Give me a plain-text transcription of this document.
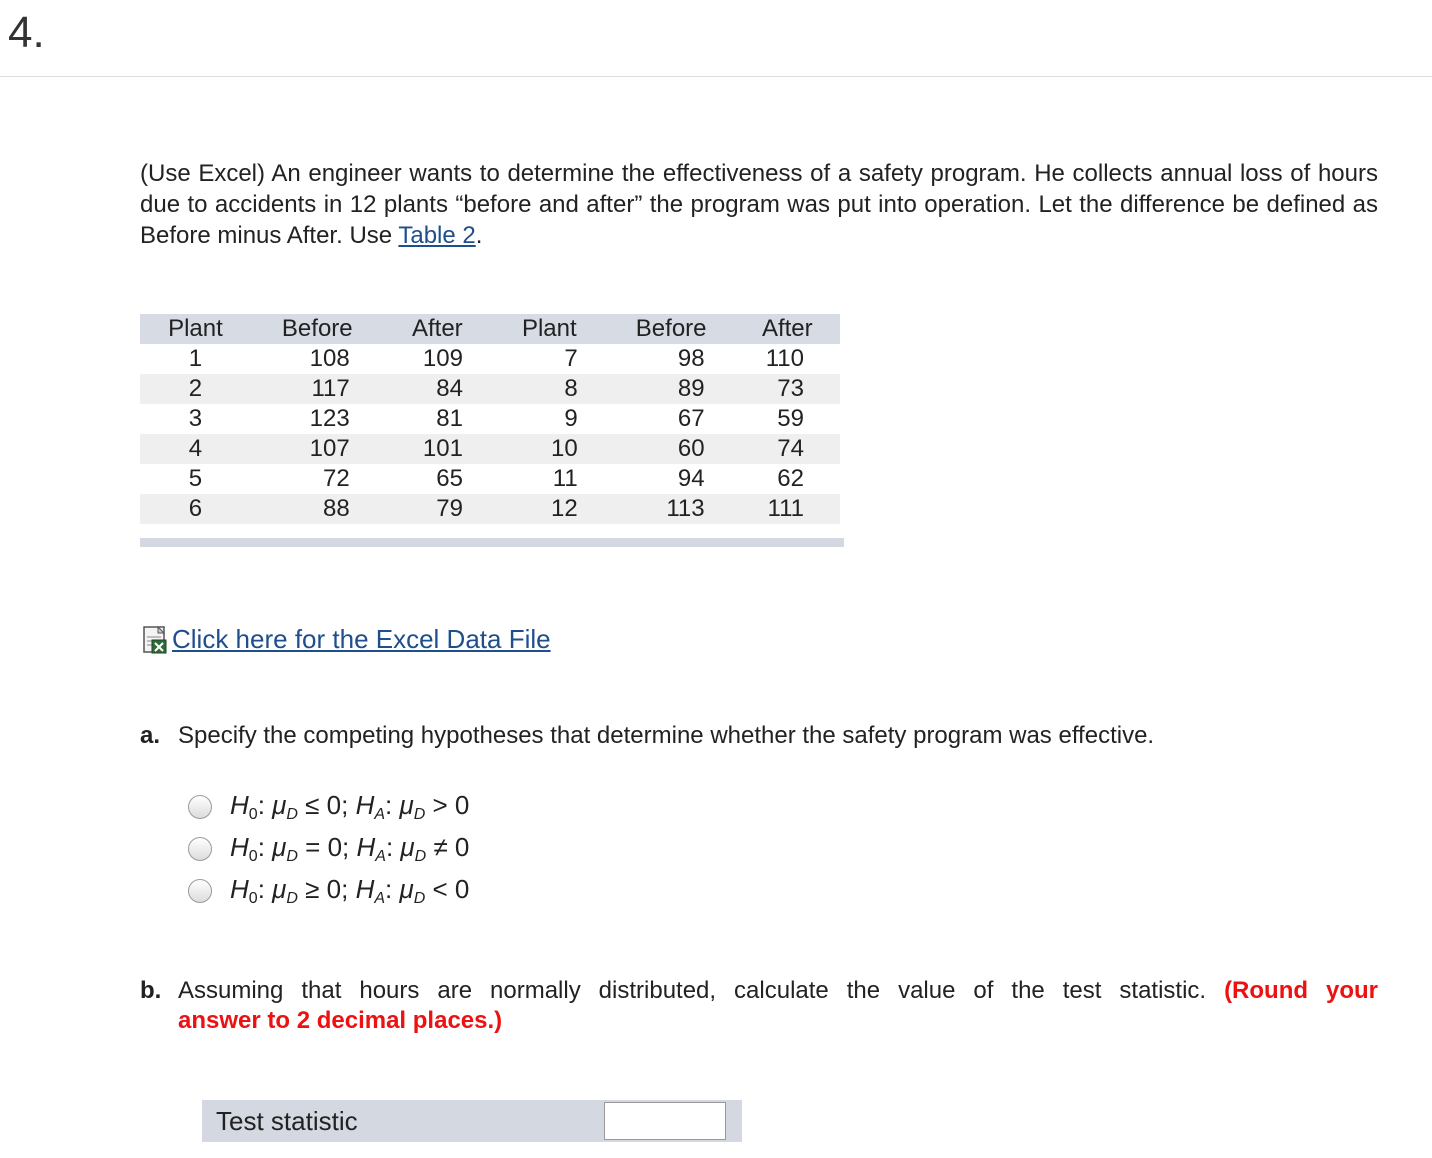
4.
(Use Excel) An engineer wants to determine the effectiveness of a safety program. He collects annual loss of hours due to accidents in 12 plants “before and after” the program was put into operation. Let the difference be defined as Before minus After. Use Table 2.
Plant	Before	After	Plant	Before	After
1	108	109	7	98	110
2	117	84	8	89	73
3	123	81	9	67	59
4	107	101	10	60	74
5	72	65	11	94	62
6	88	79	12	113	111
Click here for the Excel Data File
a. Specify the competing hypotheses that determine whether the safety program was effective.
$H_0$: $\mu_D \le 0$; $H_A$: $\mu_D > 0$
$H_0$: $\mu_D = 0$; $H_A$: $\mu_D \ne 0$
$H_0$: $\mu_D \ge 0$; $H_A$: $\mu_D < 0$
b. Assuming that hours are normally distributed, calculate the value of the test statistic. (Round your
answer to 2 decimal places.)
Test statistic
